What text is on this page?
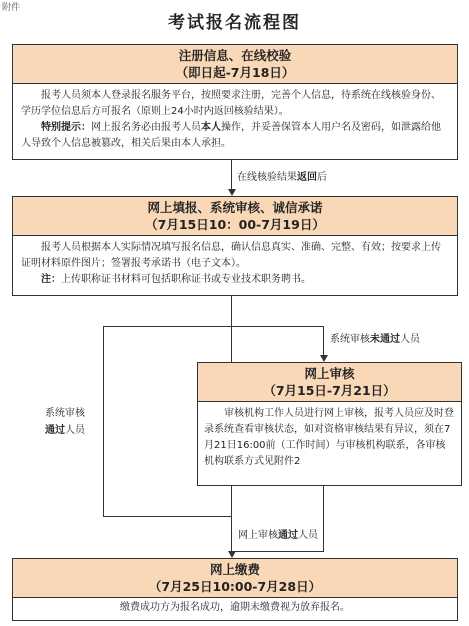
附件
考试报名流程图
注册信息、在线校验
（即日起-7月18日）
报考人员须本人登录报名服务平台，按照要求注册，完善个人信息，待系统在线核验身份、学历学位信息后方可报名（原则上24小时内返回核验结果）。
特别提示：网上报名务必由报考人员本人操作，并妥善保管本人用户名及密码，如泄露给他人导致个人信息被篡改，相关后果由本人承担。
在线核验结果返回后
网上填报、系统审核、诚信承诺
（7月15日10：00-7月19日）
报考人员根据本人实际情况填写报名信息，确认信息真实、准确、完整、有效；按要求上传证明材料原件图片；签署报考承诺书（电子文本）。
注：上传职称证书材料可包括职称证书或专业技术职务聘书。
系统审核
通过人员
系统审核未通过人员
网上审核
（7月15日-7月21日）
审核机构工作人员进行网上审核，报考人员应及时登录系统查看审核状态，如对资格审核结果有异议，须在7月21日16:00前（工作时间）与审核机构联系，各审核机构联系方式见附件2
网上审核通过人员
网上缴费
（7月25日10:00-7月28日）
缴费成功方为报名成功，逾期未缴费视为放弃报名。
